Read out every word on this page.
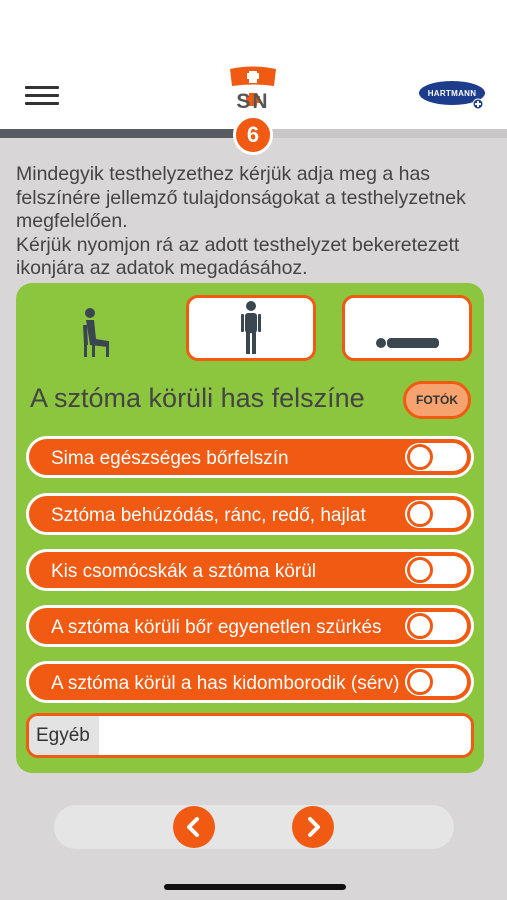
SN	HARTMANN
6

Mindegyik testhelyzethez kérjük adja meg a has felszínére jellemző tulajdonságokat a testhelyzetnek megfelelően.

Kérjük nyomjon rá az adott testhelyzet bekeretezett ikonjára az adatok megadásához.

A sztóma körüli has felszíne	FOTÓK
Sima egészséges bőrfelszín
Sztóma behúzódás, ránc, redő, hajlat
Kis csomócskák a sztóma körül
A sztóma körüli bőr egyenetlen szürkés
A sztóma körül a has kidomborodik (sérv)
Egyéb
